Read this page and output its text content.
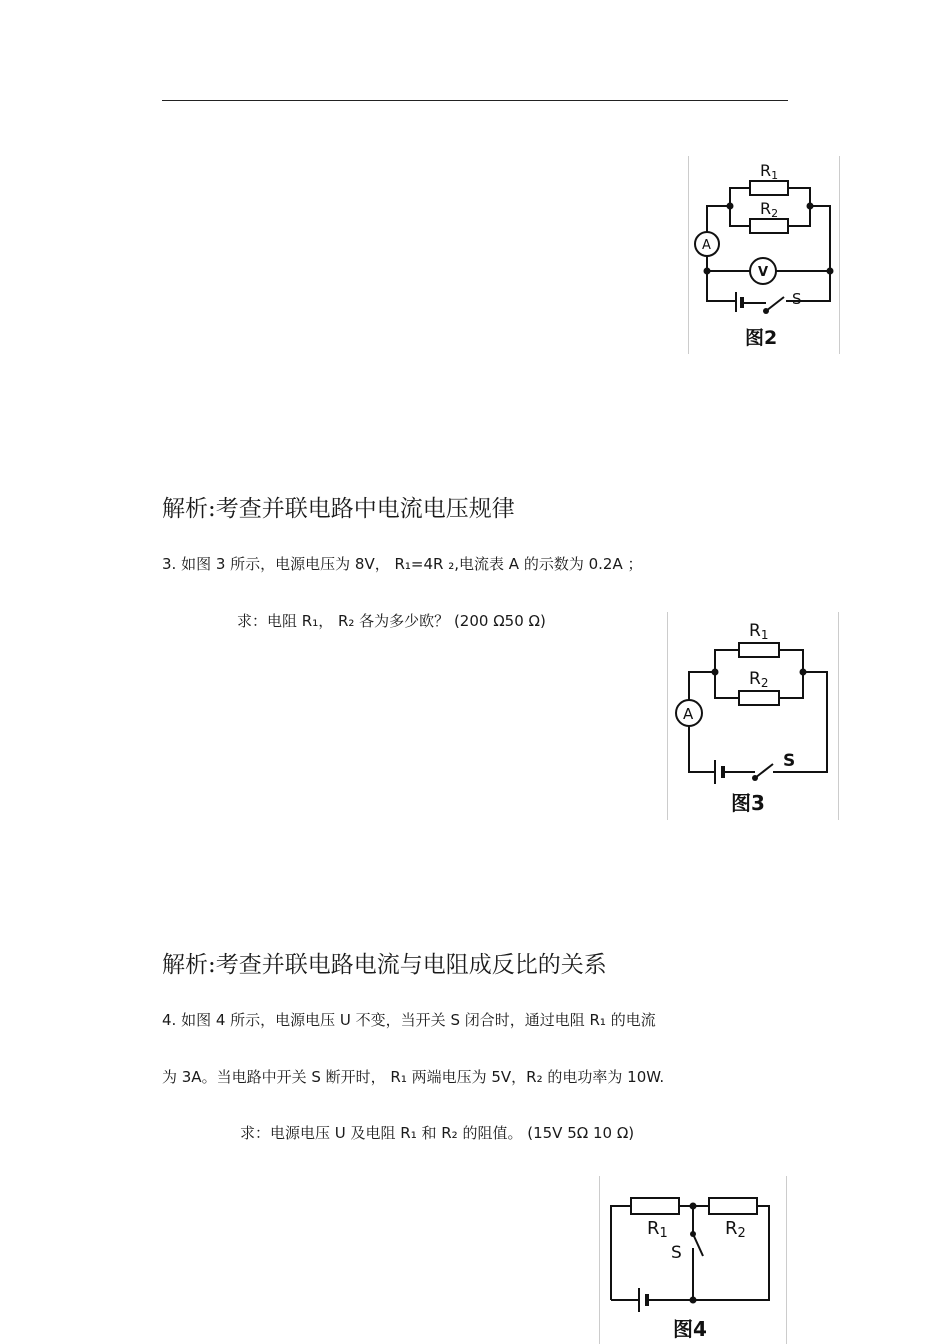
R1
R2
A
V
S
图2
解析:考查并联电路中电流电压规律
3. 如图 3 所示，电源电压为 8V， R₁=4R ₂,电流表 A 的示数为 0.2A ；
求：电阻 R₁， R₂ 各为多少欧？ (200 Ω50 Ω)	R1
R2
A
S
图3
解析:考查并联电路电流与电阻成反比的关系
4. 如图 4 所示，电源电压 U 不变，当开关 S 闭合时，通过电阻 R₁ 的电流
为 3A。当电路中开关 S 断开时， R₁ 两端电压为 5V，R₂ 的电功率为 10W.
求：电源电压 U 及电阻 R₁ 和 R₂ 的阻值。 (15V 5Ω 10 Ω)
R1	R2
S
图4
